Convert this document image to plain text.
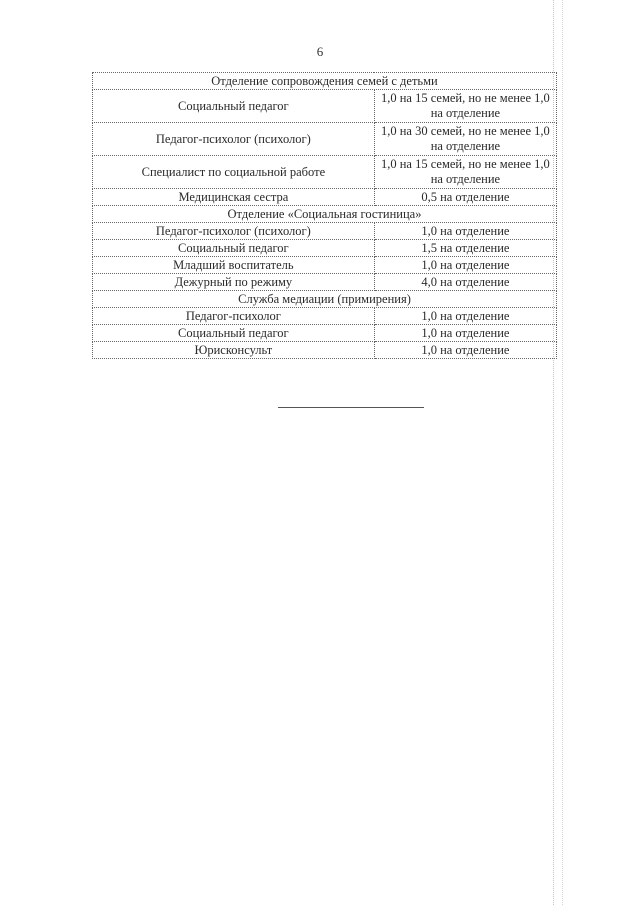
6
Отделение сопровождения семей с детьми	
Социальный педагог	1,0 на 15 семей, но не менее 1,0 на отделение
Педагог-психолог (психолог)	1,0 на 30 семей, но не менее 1,0 на отделение
Специалист по социальной работе	1,0 на 15 семей, но не менее 1,0 на отделение
Медицинская сестра	0,5 на отделение
Отделение «Социальная гостиница»	
Педагог-психолог (психолог)	1,0 на отделение
Социальный педагог	1,5 на отделение
Младший воспитатель	1,0 на отделение
Дежурный по режиму	4,0 на отделение
Служба медиации (примирения)	
Педагог-психолог	1,0 на отделение
Социальный педагог	1,0 на отделение
Юрисконсульт	1,0 на отделение
